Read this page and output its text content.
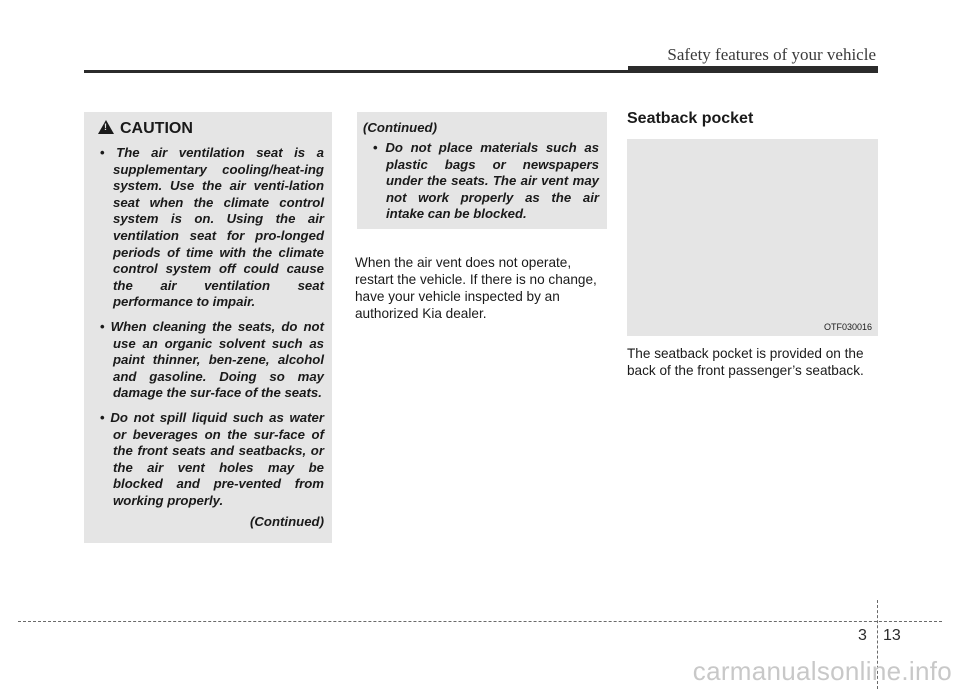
Safety features of your vehicle
!CAUTION

• The air ventilation seat is a supplementary cooling/heat-ing system. Use the air venti-lation seat when the climate control system is on. Using the air ventilation seat for pro-longed periods of time with the climate control system off could cause the air ventilation seat performance to impair.

• When cleaning the seats, do not use an organic solvent such as paint thinner, ben-zene, alcohol and gasoline. Doing so may damage the sur-face of the seats.

• Do not spill liquid such as water or beverages on the sur-face of the front seats and seatbacks, or the air vent holes may be blocked and pre-vented from working properly.

(Continued)
(Continued)

• Do not place materials such as plastic bags or newspapers under the seats. The air vent may not work properly as the air intake can be blocked.

When the air vent does not operate, restart the vehicle. If there is no change, have your vehicle inspected by an authorized Kia dealer.
Seatback pocket
OTF030016
The seatback pocket is provided on the back of the front passenger’s seatback.
3 13
carmanualsonline.info
